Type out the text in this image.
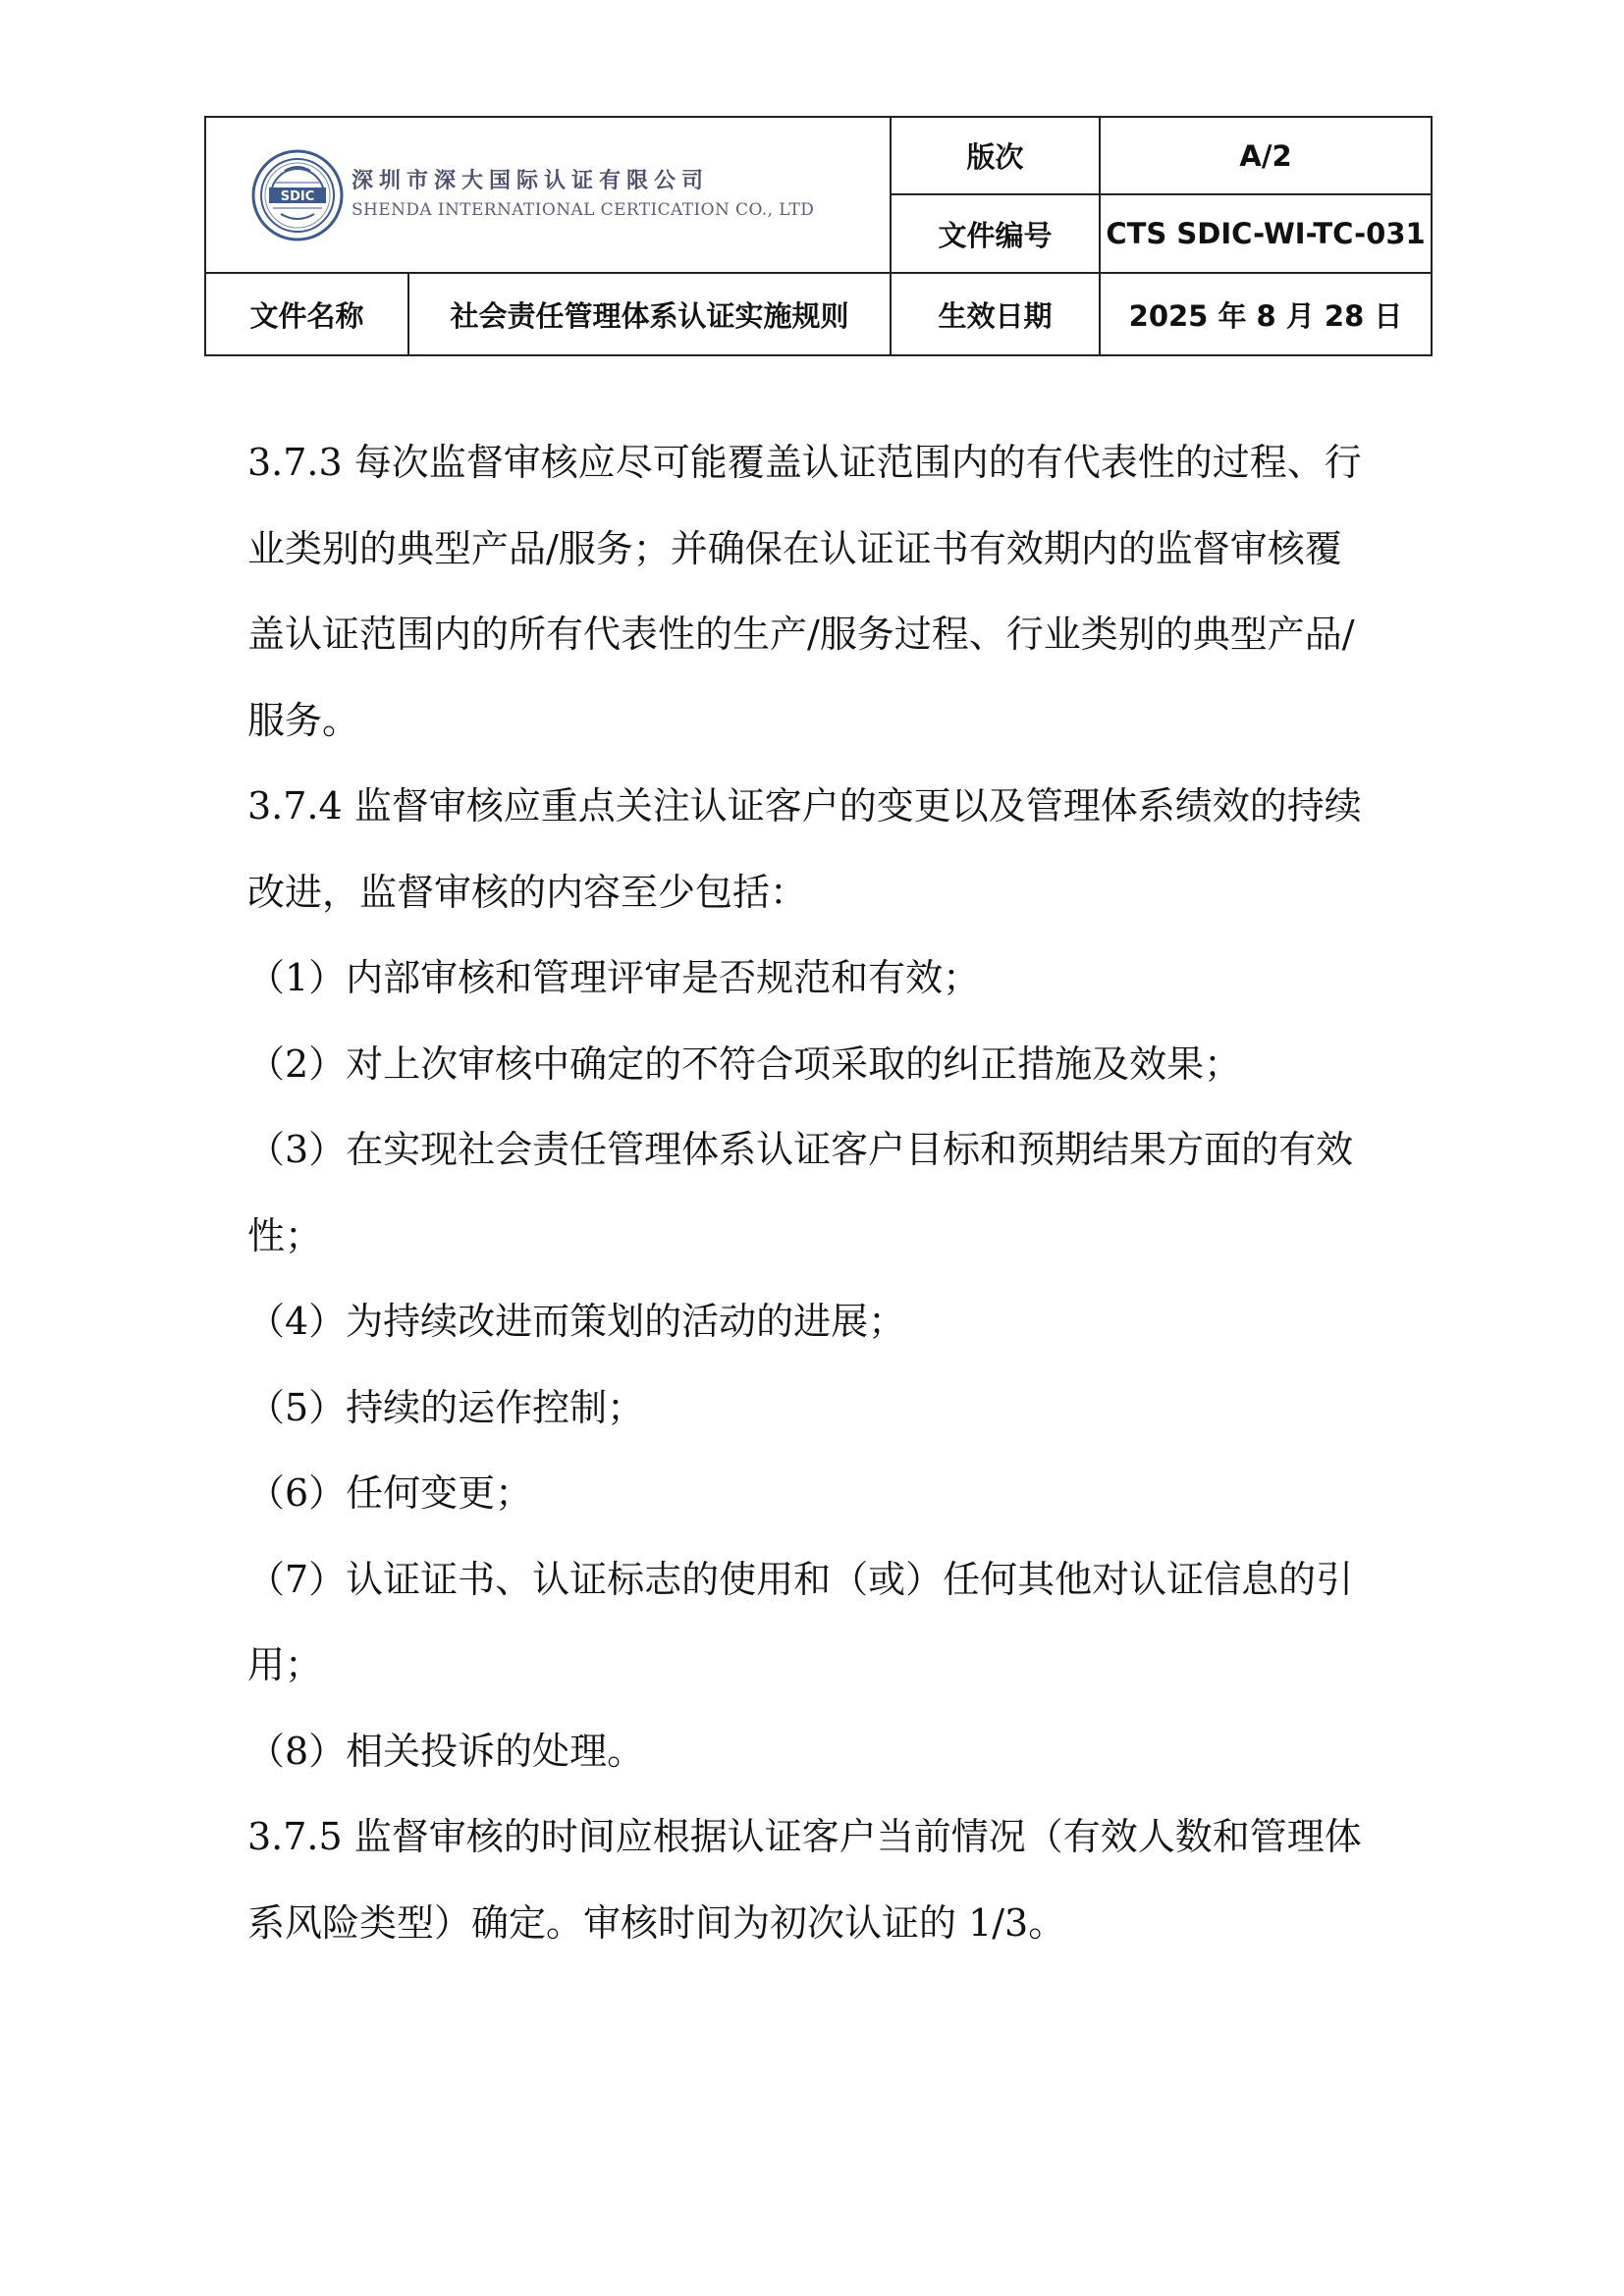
SDIC
深圳市深大国际认证有限公司
SHENDA INTERNATIONAL CERTICATION CO., LTD		版次	A/2
		文件编号	CTS SDIC-WI-TC-031
文件名称	社会责任管理体系认证实施规则	生效日期	2025 年 8 月 28 日

3.7.3 每次监督审核应尽可能覆盖认证范围内的有代表性的过程、行

业类别的典型产品/服务；并确保在认证证书有效期内的监督审核覆

盖认证范围内的所有代表性的生产/服务过程、行业类别的典型产品/

服务。

3.7.4 监督审核应重点关注认证客户的变更以及管理体系绩效的持续

改进，监督审核的内容至少包括：

（1）内部审核和管理评审是否规范和有效；

（2）对上次审核中确定的不符合项采取的纠正措施及效果；

（3）在实现社会责任管理体系认证客户目标和预期结果方面的有效

性；

（4）为持续改进而策划的活动的进展；

（5）持续的运作控制；

（6）任何变更；

（7）认证证书、认证标志的使用和（或）任何其他对认证信息的引

用；

（8）相关投诉的处理。

3.7.5 监督审核的时间应根据认证客户当前情况（有效人数和管理体

系风险类型）确定。审核时间为初次认证的 1/3。
